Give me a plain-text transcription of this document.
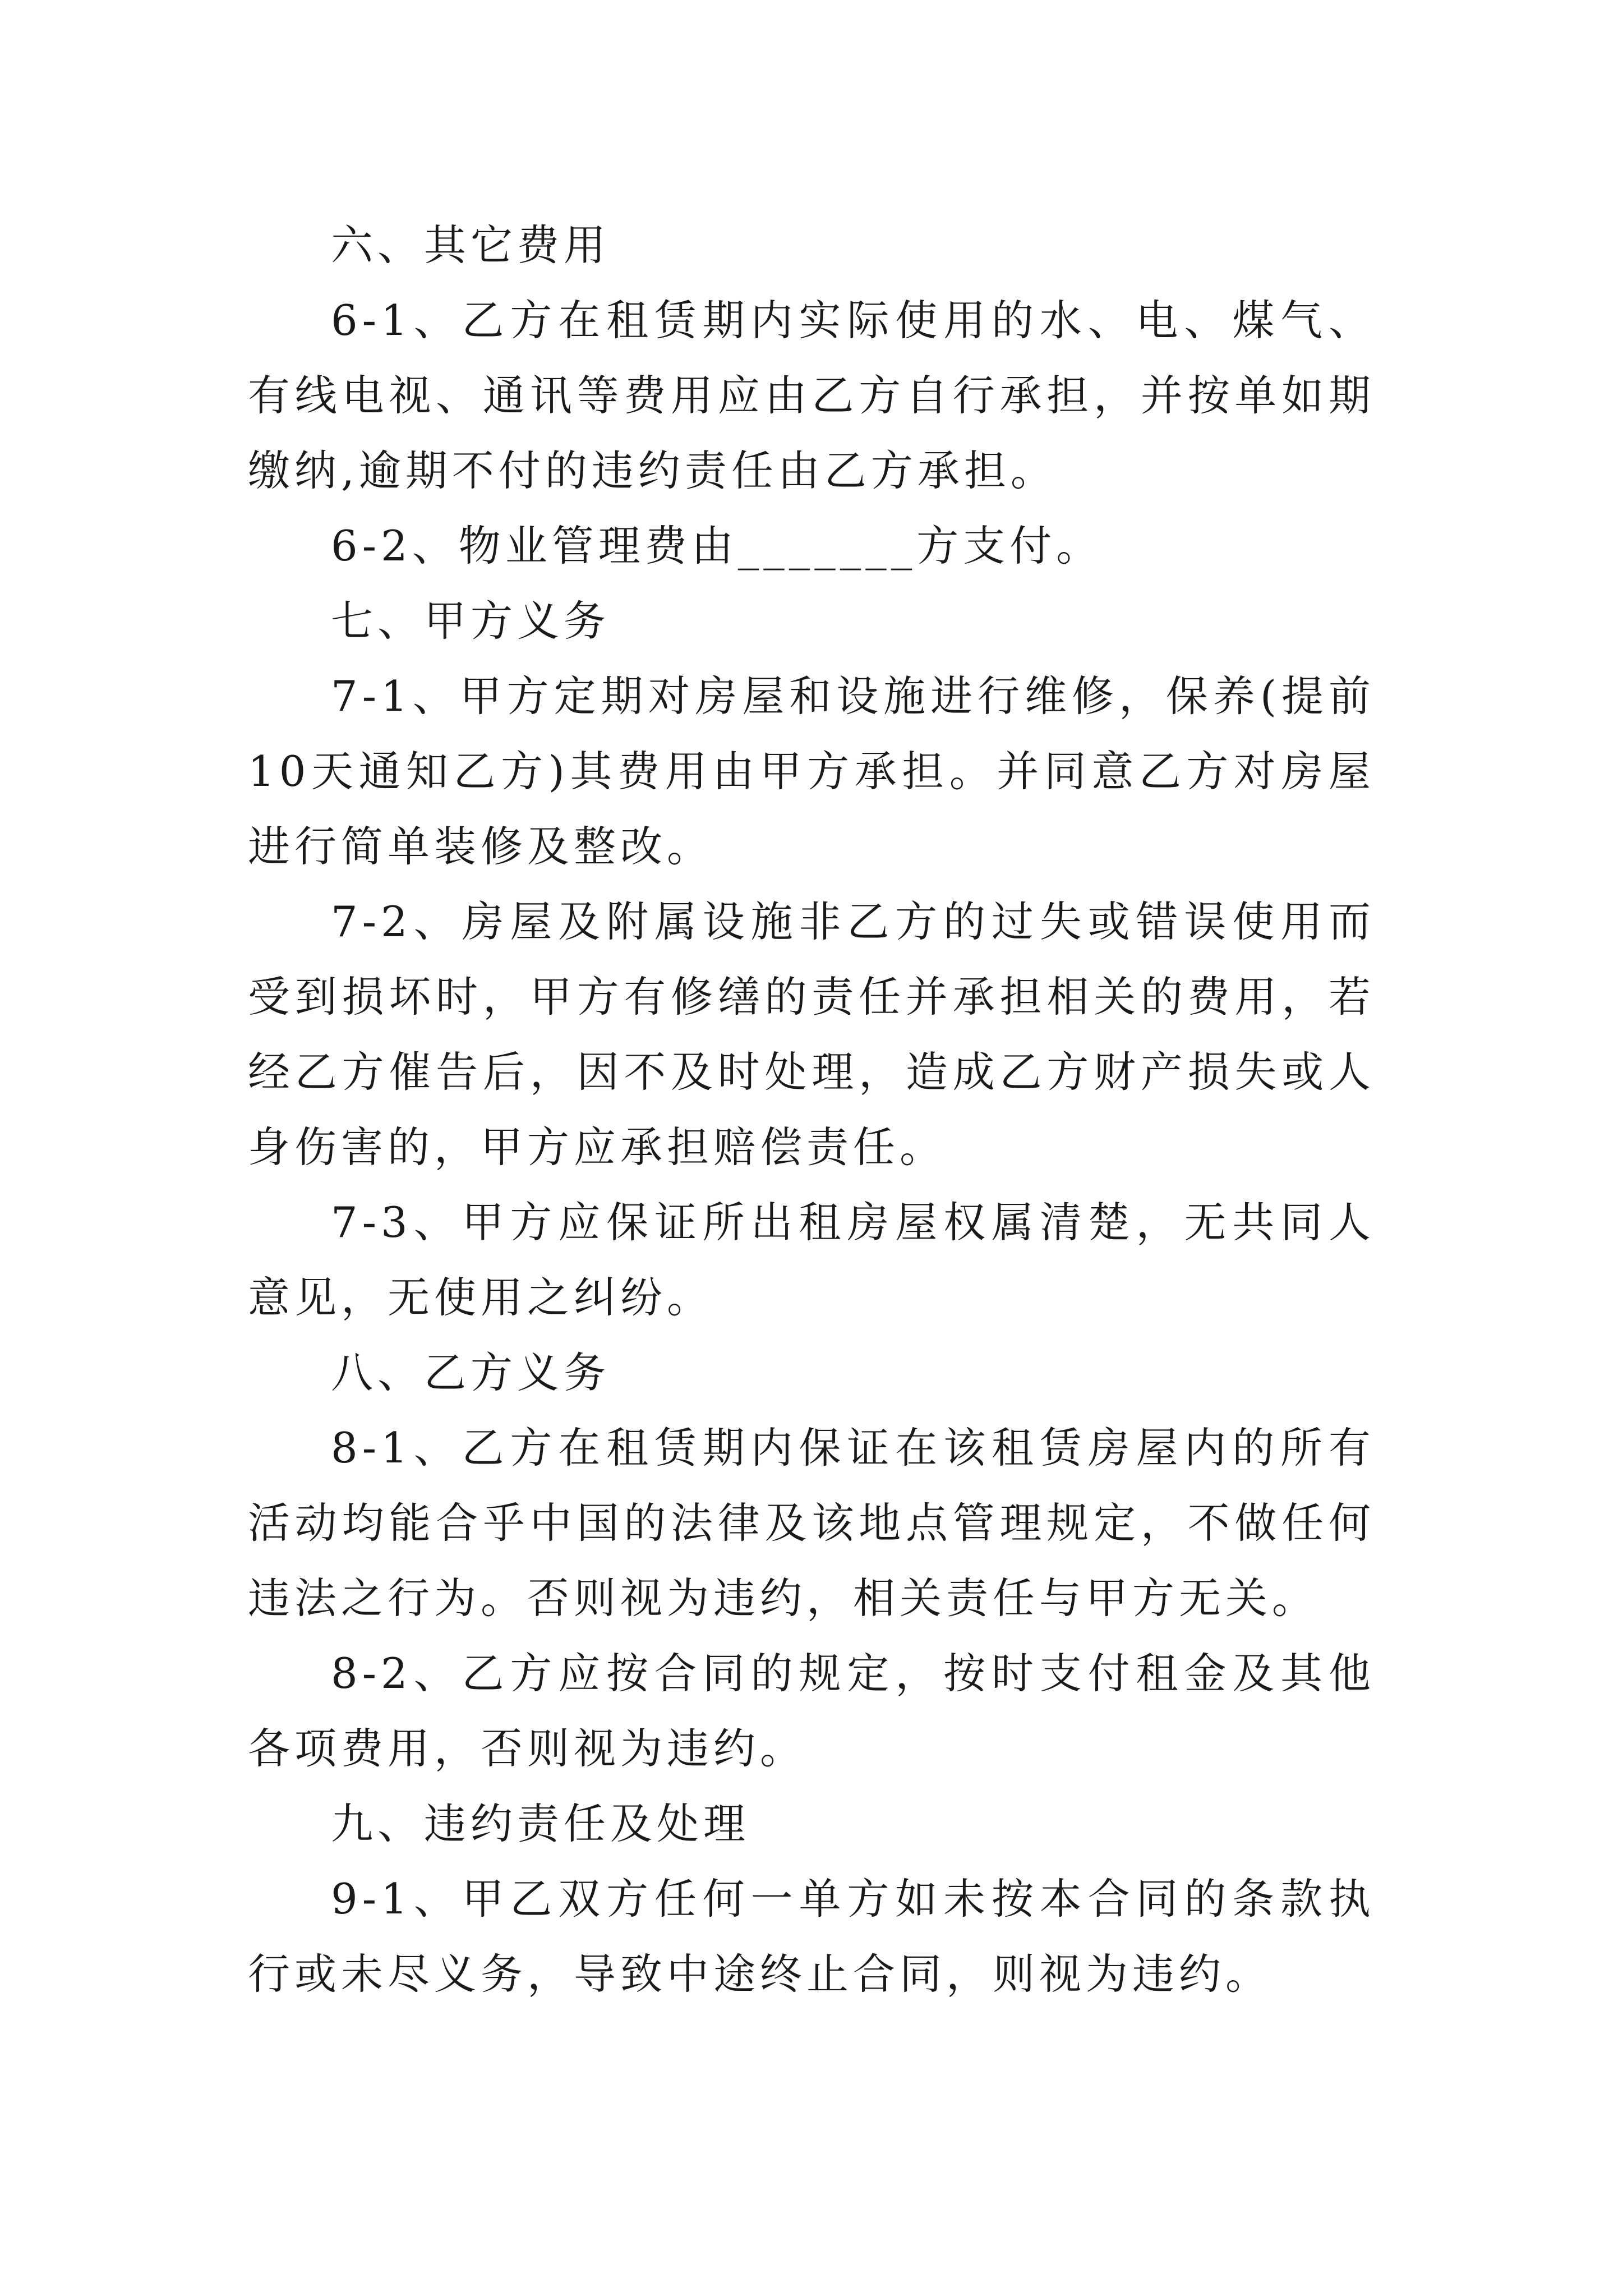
六、其它费用

6-1、乙方在租赁期内实际使用的水、电、煤气、有线电视、通讯等费用应由乙方自行承担，并按单如期缴纳,逾期不付的违约责任由乙方承担。

6-2、物业管理费由_______方支付。

七、甲方义务

7-1、甲方定期对房屋和设施进行维修，保养(提前10天通知乙方)其费用由甲方承担。并同意乙方对房屋进行简单装修及整改。

7-2、房屋及附属设施非乙方的过失或错误使用而受到损坏时，甲方有修缮的责任并承担相关的费用，若经乙方催告后，因不及时处理，造成乙方财产损失或人身伤害的，甲方应承担赔偿责任。

7-3、甲方应保证所出租房屋权属清楚，无共同人意见，无使用之纠纷。

八、乙方义务

8-1、乙方在租赁期内保证在该租赁房屋内的所有活动均能合乎中国的法律及该地点管理规定，不做任何违法之行为。否则视为违约，相关责任与甲方无关。

8-2、乙方应按合同的规定，按时支付租金及其他各项费用，否则视为违约。

九、违约责任及处理

9-1、甲乙双方任何一单方如未按本合同的条款执行或未尽义务，导致中途终止合同，则视为违约。
